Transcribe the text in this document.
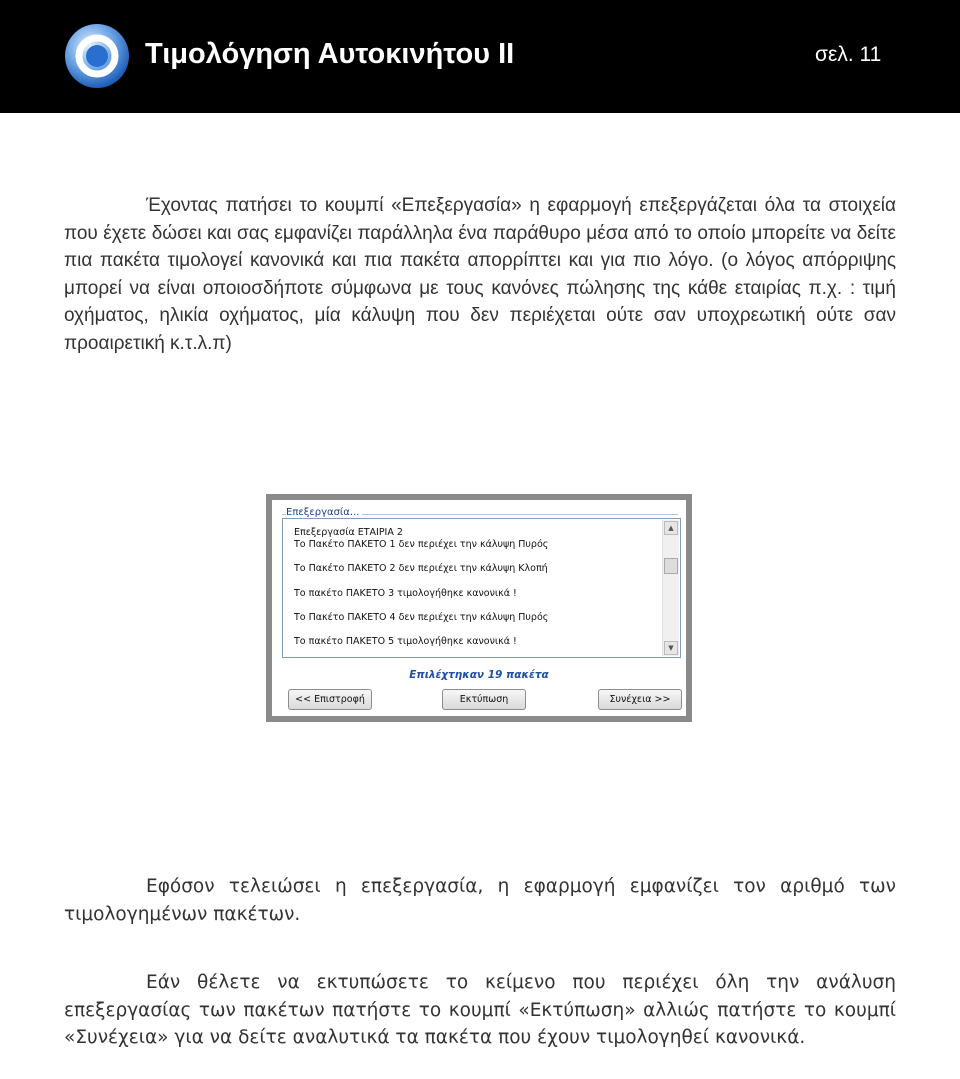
Τιμολόγηση Αυτοκινήτου ΙΙ	σελ. 11

Έχοντας πατήσει το κουμπί «Επεξεργασία» η εφαρμογή επεξεργάζεται όλα τα στοιχεία που έχετε δώσει και σας εμφανίζει παράλληλα ένα παράθυρο μέσα από το οποίο μπορείτε να δείτε πια πακέτα τιμολογεί κανονικά και πια πακέτα απορρίπτει και για πιο λόγο. (ο λόγος απόρριψης μπορεί να είναι οποιοσδήποτε σύμφωνα με τους κανόνες πώλησης της κάθε εταιρίας π.χ. : τιμή οχήματος, ηλικία οχήματος, μία κάλυψη που δεν περιέχεται ούτε σαν υποχρεωτική ούτε σαν προαιρετική κ.τ.λ.π)

Επεξεργασία...
Επεξεργασία ΕΤΑΙΡΙΑ 2
Το Πακέτο ΠΑΚΕΤΟ 1 δεν περιέχει την κάλυψη Πυρός
Το Πακέτο ΠΑΚΕΤΟ 2 δεν περιέχει την κάλυψη Κλοπή
Το πακέτο ΠΑΚΕΤΟ 3 τιμολογήθηκε κανονικά !
Το Πακέτο ΠΑΚΕΤΟ 4 δεν περιέχει την κάλυψη Πυρός
Το πακέτο ΠΑΚΕΤΟ 5 τιμολογήθηκε κανονικά !
▲
▼
Επιλέχτηκαν 19 πακέτα
<< Επιστροφή	Εκτύπωση	Συνέχεια >>

Εφόσον τελειώσει η επεξεργασία, η εφαρμογή εμφανίζει τον αριθμό των τιμολογημένων πακέτων.

Εάν θέλετε να εκτυπώσετε το κείμενο που περιέχει όλη την ανάλυση επεξεργασίας των πακέτων πατήστε το κουμπί «Εκτύπωση» αλλιώς πατήστε το κουμπί «Συνέχεια» για να δείτε αναλυτικά τα πακέτα που έχουν τιμολογηθεί κανονικά.
